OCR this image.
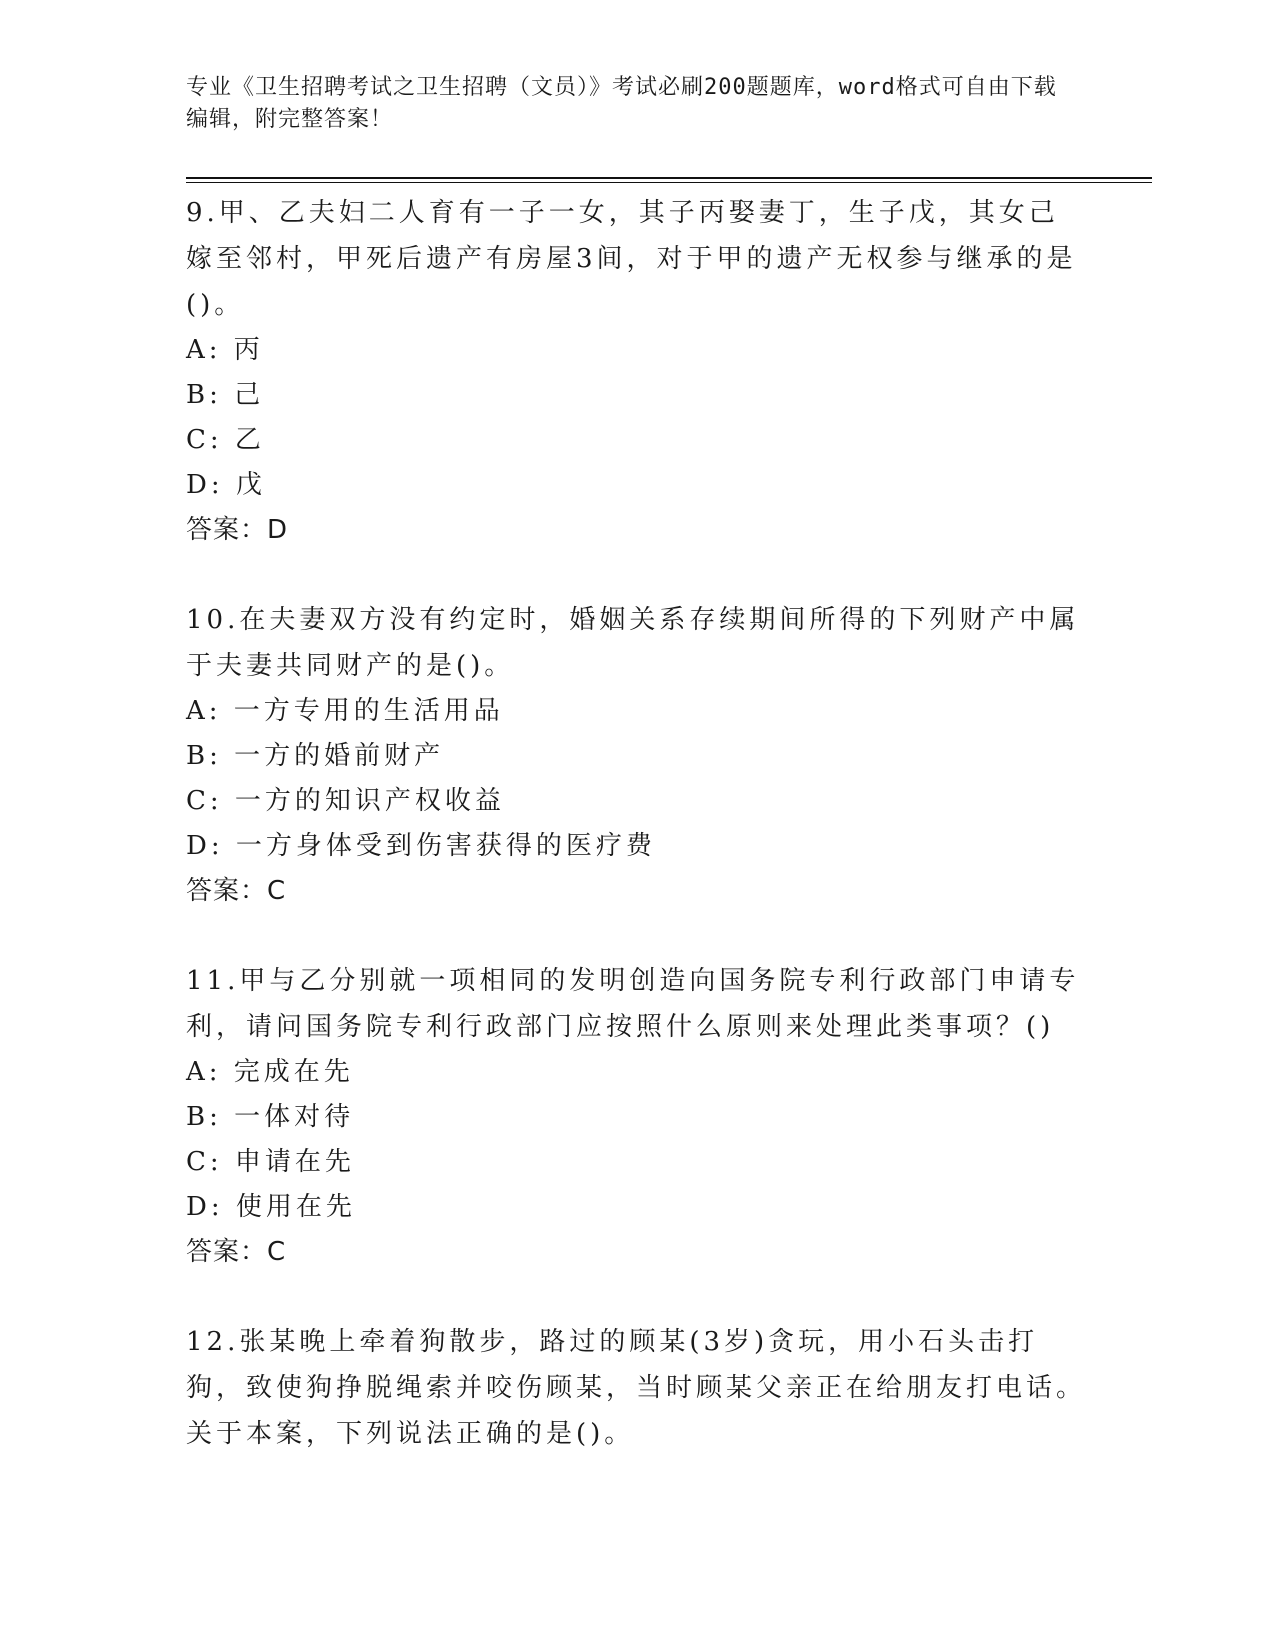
专业《卫生招聘考试之卫生招聘（文员）》考试必刷200题题库，word格式可自由下载编辑，附完整答案！
9.甲、乙夫妇二人育有一子一女，其子丙娶妻丁，生子戊，其女己嫁至邻村，甲死后遗产有房屋3间，对于甲的遗产无权参与继承的是()。
A: 丙
B: 己
C: 乙
D: 戊
答案：D
10.在夫妻双方没有约定时，婚姻关系存续期间所得的下列财产中属于夫妻共同财产的是()。
A: 一方专用的生活用品
B: 一方的婚前财产
C: 一方的知识产权收益
D: 一方身体受到伤害获得的医疗费
答案：C
11.甲与乙分别就一项相同的发明创造向国务院专利行政部门申请专利，请问国务院专利行政部门应按照什么原则来处理此类事项？()
A: 完成在先
B: 一体对待
C: 申请在先
D: 使用在先
答案：C
12.张某晚上牵着狗散步，路过的顾某(3岁)贪玩，用小石头击打狗，致使狗挣脱绳索并咬伤顾某，当时顾某父亲正在给朋友打电话。关于本案，下列说法正确的是()。
